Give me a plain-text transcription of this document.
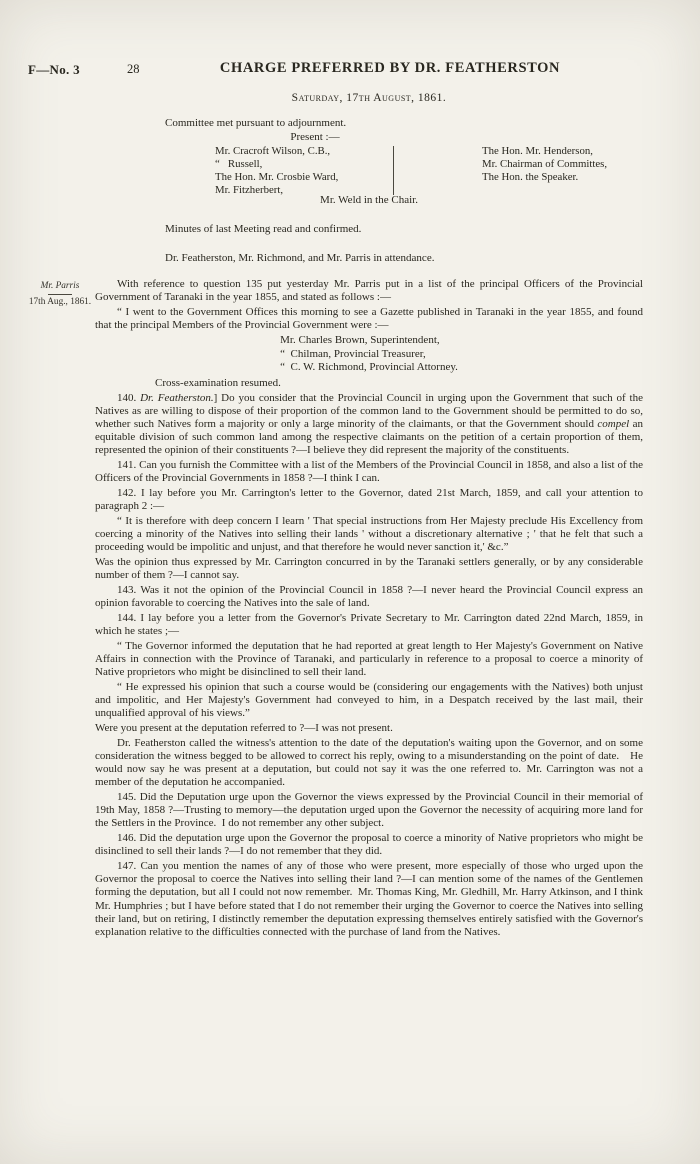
F—No. 3	28	CHARGE PREFERRED BY DR. FEATHERSTON
Saturday, 17th August, 1861.
Committee met pursuant to adjournment.
Present :—
Mr. Cracroft Wilson, C.B.,
“   Russell,
The Hon. Mr. Crosbie Ward,
Mr. Fitzherbert,
The Hon. Mr. Henderson,
Mr. Chairman of Committes,
The Hon. the Speaker.
Mr. Weld in the Chair.
Minutes of last Meeting read and confirmed.
Dr. Featherston, Mr. Richmond, and Mr. Parris in attendance.
Mr. Parris
17th Aug., 1861.

With reference to question 135 put yesterday Mr. Parris put in a list of the principal Officers of the Provincial Government of Taranaki in the year 1855, and stated as follows :—

“ I went to the Government Offices this morning to see a Gazette published in Taranaki in the year 1855, and found that the principal Members of the Provincial Government were :—

Mr. Charles Brown, Superintendent,
“  Chilman, Provincial Treasurer,
“  C. W. Richmond, Provincial Attorney.

Cross-examination resumed.

140. Dr. Featherston.] Do you consider that the Provincial Council in urging upon the Government that such of the Natives as are willing to dispose of their proportion of the common land to the Government should be permitted to do so, whether such Natives form a majority or only a large minority of the claimants, or that the Government should compel an equitable division of such common land among the respective claimants on the petition of a certain proportion of them, represented the opinion of their constituents ?—I believe they did represent the majority of the constituents.

141. Can you furnish the Committee with a list of the Members of the Provincial Council in 1858, and also a list of the Officers of the Provincial Governments in 1858 ?—I think I can.

142. I lay before you Mr. Carrington's letter to the Governor, dated 21st March, 1859, and call your attention to paragraph 2 :—

“ It is therefore with deep concern I learn ' That special instructions from Her Majesty preclude His Excellency from coercing a minority of the Natives into selling their lands ' without a discretionary alternative ; ' that he felt that such a proceeding would be impolitic and unjust, and that therefore he would never sanction it,' &c.”

Was the opinion thus expressed by Mr. Carrington concurred in by the Taranaki settlers generally, or by any considerable number of them ?—I cannot say.

143. Was it not the opinion of the Provincial Council in 1858 ?—I never heard the Provincial Council express an opinion favorable to coercing the Natives into the sale of land.

144. I lay before you a letter from the Governor's Private Secretary to Mr. Carrington dated 22nd March, 1859, in which he states ;—

“ The Governor informed the deputation that he had reported at great length to Her Majesty's Government on Native Affairs in connection with the Province of Taranaki, and particularly in reference to a proposal to coerce a minority of Native proprietors who might be disinclined to sell their land.

“ He expressed his opinion that such a course would be (considering our engagements with the Natives) both unjust and impolitic, and Her Majesty's Government had conveyed to him, in a Despatch received by the last mail, their unqualified approval of his views.”

Were you present at the deputation referred to ?—I was not present.

Dr. Featherston called the witness's attention to the date of the deputation's waiting upon the Governor, and on some consideration the witness begged to be allowed to correct his reply, owing to a misunderstanding on the point of date. He would now say he was present at a deputation, but could not say it was the one referred to. Mr. Carrington was not a member of the deputation he accompanied.

145. Did the Deputation urge upon the Governor the views expressed by the Provincial Council in their memorial of 19th May, 1858 ?—Trusting to memory—the deputation urged upon the Governor the necessity of acquiring more land for the Settlers in the Province. I do not remember any other subject.

146. Did the deputation urge upon the Governor the proposal to coerce a minority of Native proprietors who might be disinclined to sell their lands ?—I do not remember that they did.

147. Can you mention the names of any of those who were present, more especially of those who urged upon the Governor the proposal to coerce the Natives into selling their land ?—I can mention some of the names of the Gentlemen forming the deputation, but all I could not now remember. Mr. Thomas King, Mr. Gledhill, Mr. Harry Atkinson, and I think Mr. Humphries ; but I have before stated that I do not remember their urging the Governor to coerce the Natives into selling their land, but on retiring, I distinctly remember the deputation expressing themselves entirely satisfied with the Governor's explanation relative to the difficulties connected with the purchase of land from the Natives.
